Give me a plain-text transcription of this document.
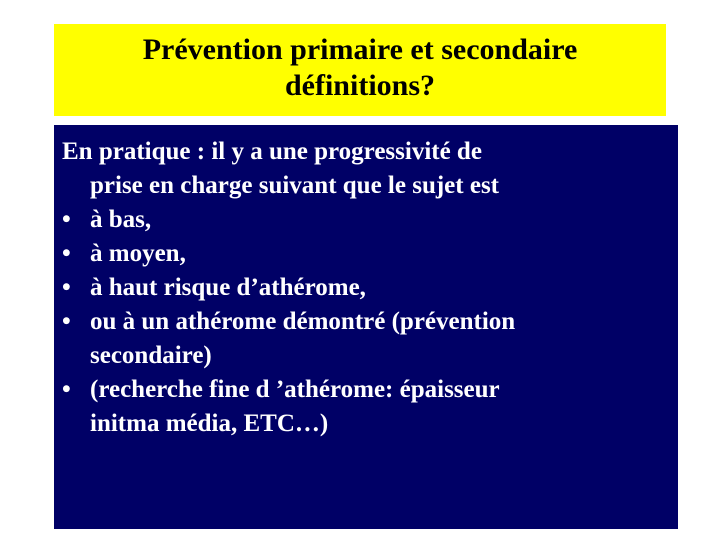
Prévention primaire et secondaire
définitions?

En pratique : il y a une progressivité de
prise en charge suivant que le sujet est

• à bas,
• à moyen,
• à haut risque d’athérome,
• ou à un athérome démontré (prévention
secondaire)
• (recherche fine d ’athérome: épaisseur
initma média, ETC…)
